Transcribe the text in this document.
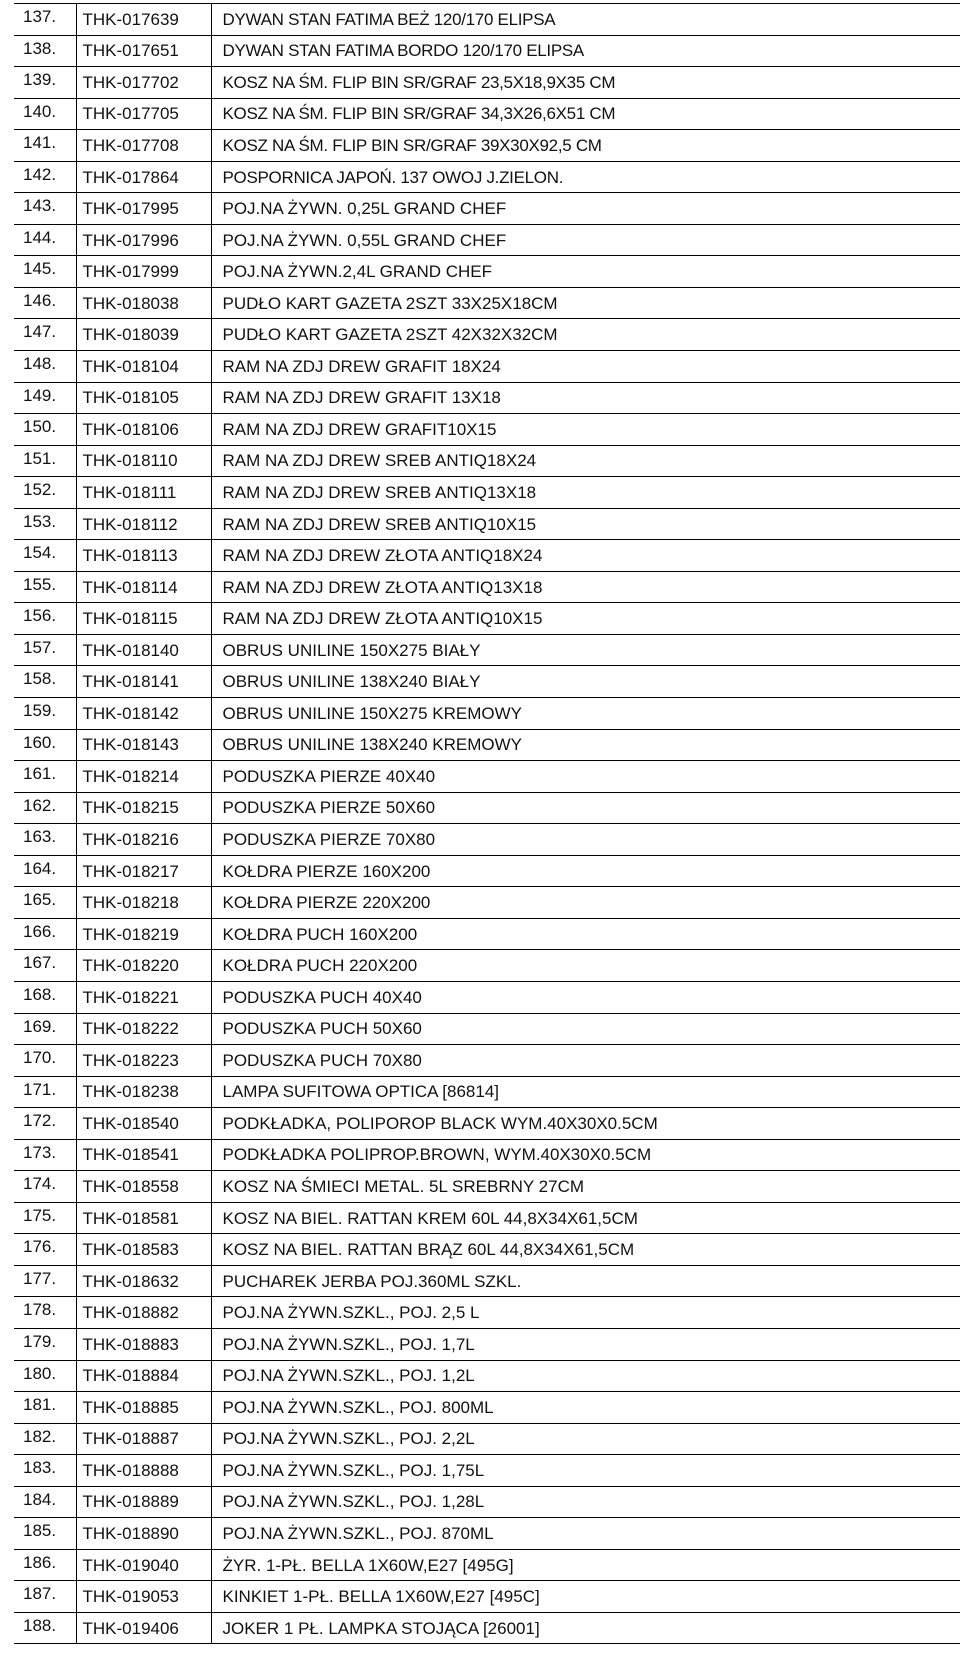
137.	THK-017639	DYWAN STAN FATIMA BEŻ 120/170 ELIPSA
138.	THK-017651	DYWAN STAN FATIMA BORDO 120/170 ELIPSA
139.	THK-017702	KOSZ NA ŚM. FLIP BIN SR/GRAF 23,5X18,9X35 CM
140.	THK-017705	KOSZ NA ŚM. FLIP BIN SR/GRAF 34,3X26,6X51 CM
141.	THK-017708	KOSZ NA ŚM. FLIP BIN SR/GRAF 39X30X92,5 CM
142.	THK-017864	POSPORNICA JAPOŃ. 137 OWOJ J.ZIELON.
143.	THK-017995	POJ.NA ŻYWN. 0,25L GRAND CHEF
144.	THK-017996	POJ.NA ŻYWN. 0,55L GRAND CHEF
145.	THK-017999	POJ.NA ŻYWN.2,4L GRAND CHEF
146.	THK-018038	PUDŁO KART GAZETA 2SZT 33X25X18CM
147.	THK-018039	PUDŁO KART GAZETA 2SZT 42X32X32CM
148.	THK-018104	RAM NA ZDJ DREW GRAFIT 18X24
149.	THK-018105	RAM NA ZDJ DREW GRAFIT 13X18
150.	THK-018106	RAM NA ZDJ DREW GRAFIT10X15
151.	THK-018110	RAM NA ZDJ DREW SREB ANTIQ18X24
152.	THK-018111	RAM NA ZDJ DREW SREB ANTIQ13X18
153.	THK-018112	RAM NA ZDJ DREW SREB ANTIQ10X15
154.	THK-018113	RAM NA ZDJ DREW ZŁOTA ANTIQ18X24
155.	THK-018114	RAM NA ZDJ DREW ZŁOTA ANTIQ13X18
156.	THK-018115	RAM NA ZDJ DREW ZŁOTA ANTIQ10X15
157.	THK-018140	OBRUS UNILINE 150X275 BIAŁY
158.	THK-018141	OBRUS UNILINE 138X240 BIAŁY
159.	THK-018142	OBRUS UNILINE 150X275 KREMOWY
160.	THK-018143	OBRUS UNILINE 138X240 KREMOWY
161.	THK-018214	PODUSZKA PIERZE 40X40
162.	THK-018215	PODUSZKA PIERZE 50X60
163.	THK-018216	PODUSZKA PIERZE 70X80
164.	THK-018217	KOŁDRA PIERZE 160X200
165.	THK-018218	KOŁDRA PIERZE 220X200
166.	THK-018219	KOŁDRA PUCH 160X200
167.	THK-018220	KOŁDRA PUCH 220X200
168.	THK-018221	PODUSZKA PUCH 40X40
169.	THK-018222	PODUSZKA PUCH 50X60
170.	THK-018223	PODUSZKA PUCH 70X80
171.	THK-018238	LAMPA SUFITOWA OPTICA [86814]
172.	THK-018540	PODKŁADKA, POLIPOROP BLACK WYM.40X30X0.5CM
173.	THK-018541	PODKŁADKA POLIPROP.BROWN, WYM.40X30X0.5CM
174.	THK-018558	KOSZ NA ŚMIECI METAL. 5L SREBRNY 27CM
175.	THK-018581	KOSZ NA BIEL. RATTAN KREM 60L 44,8X34X61,5CM
176.	THK-018583	KOSZ NA BIEL. RATTAN BRĄZ 60L 44,8X34X61,5CM
177.	THK-018632	PUCHAREK JERBA POJ.360ML SZKL.
178.	THK-018882	POJ.NA ŻYWN.SZKL., POJ. 2,5 L
179.	THK-018883	POJ.NA ŻYWN.SZKL., POJ. 1,7L
180.	THK-018884	POJ.NA ŻYWN.SZKL., POJ. 1,2L
181.	THK-018885	POJ.NA ŻYWN.SZKL., POJ. 800ML
182.	THK-018887	POJ.NA ŻYWN.SZKL., POJ. 2,2L
183.	THK-018888	POJ.NA ŻYWN.SZKL., POJ. 1,75L
184.	THK-018889	POJ.NA ŻYWN.SZKL., POJ. 1,28L
185.	THK-018890	POJ.NA ŻYWN.SZKL., POJ. 870ML
186.	THK-019040	ŻYR. 1-PŁ. BELLA 1X60W,E27 [495G]
187.	THK-019053	KINKIET 1-PŁ. BELLA 1X60W,E27 [495C]
188.	THK-019406	JOKER 1 PŁ. LAMPKA STOJĄCA [26001]
